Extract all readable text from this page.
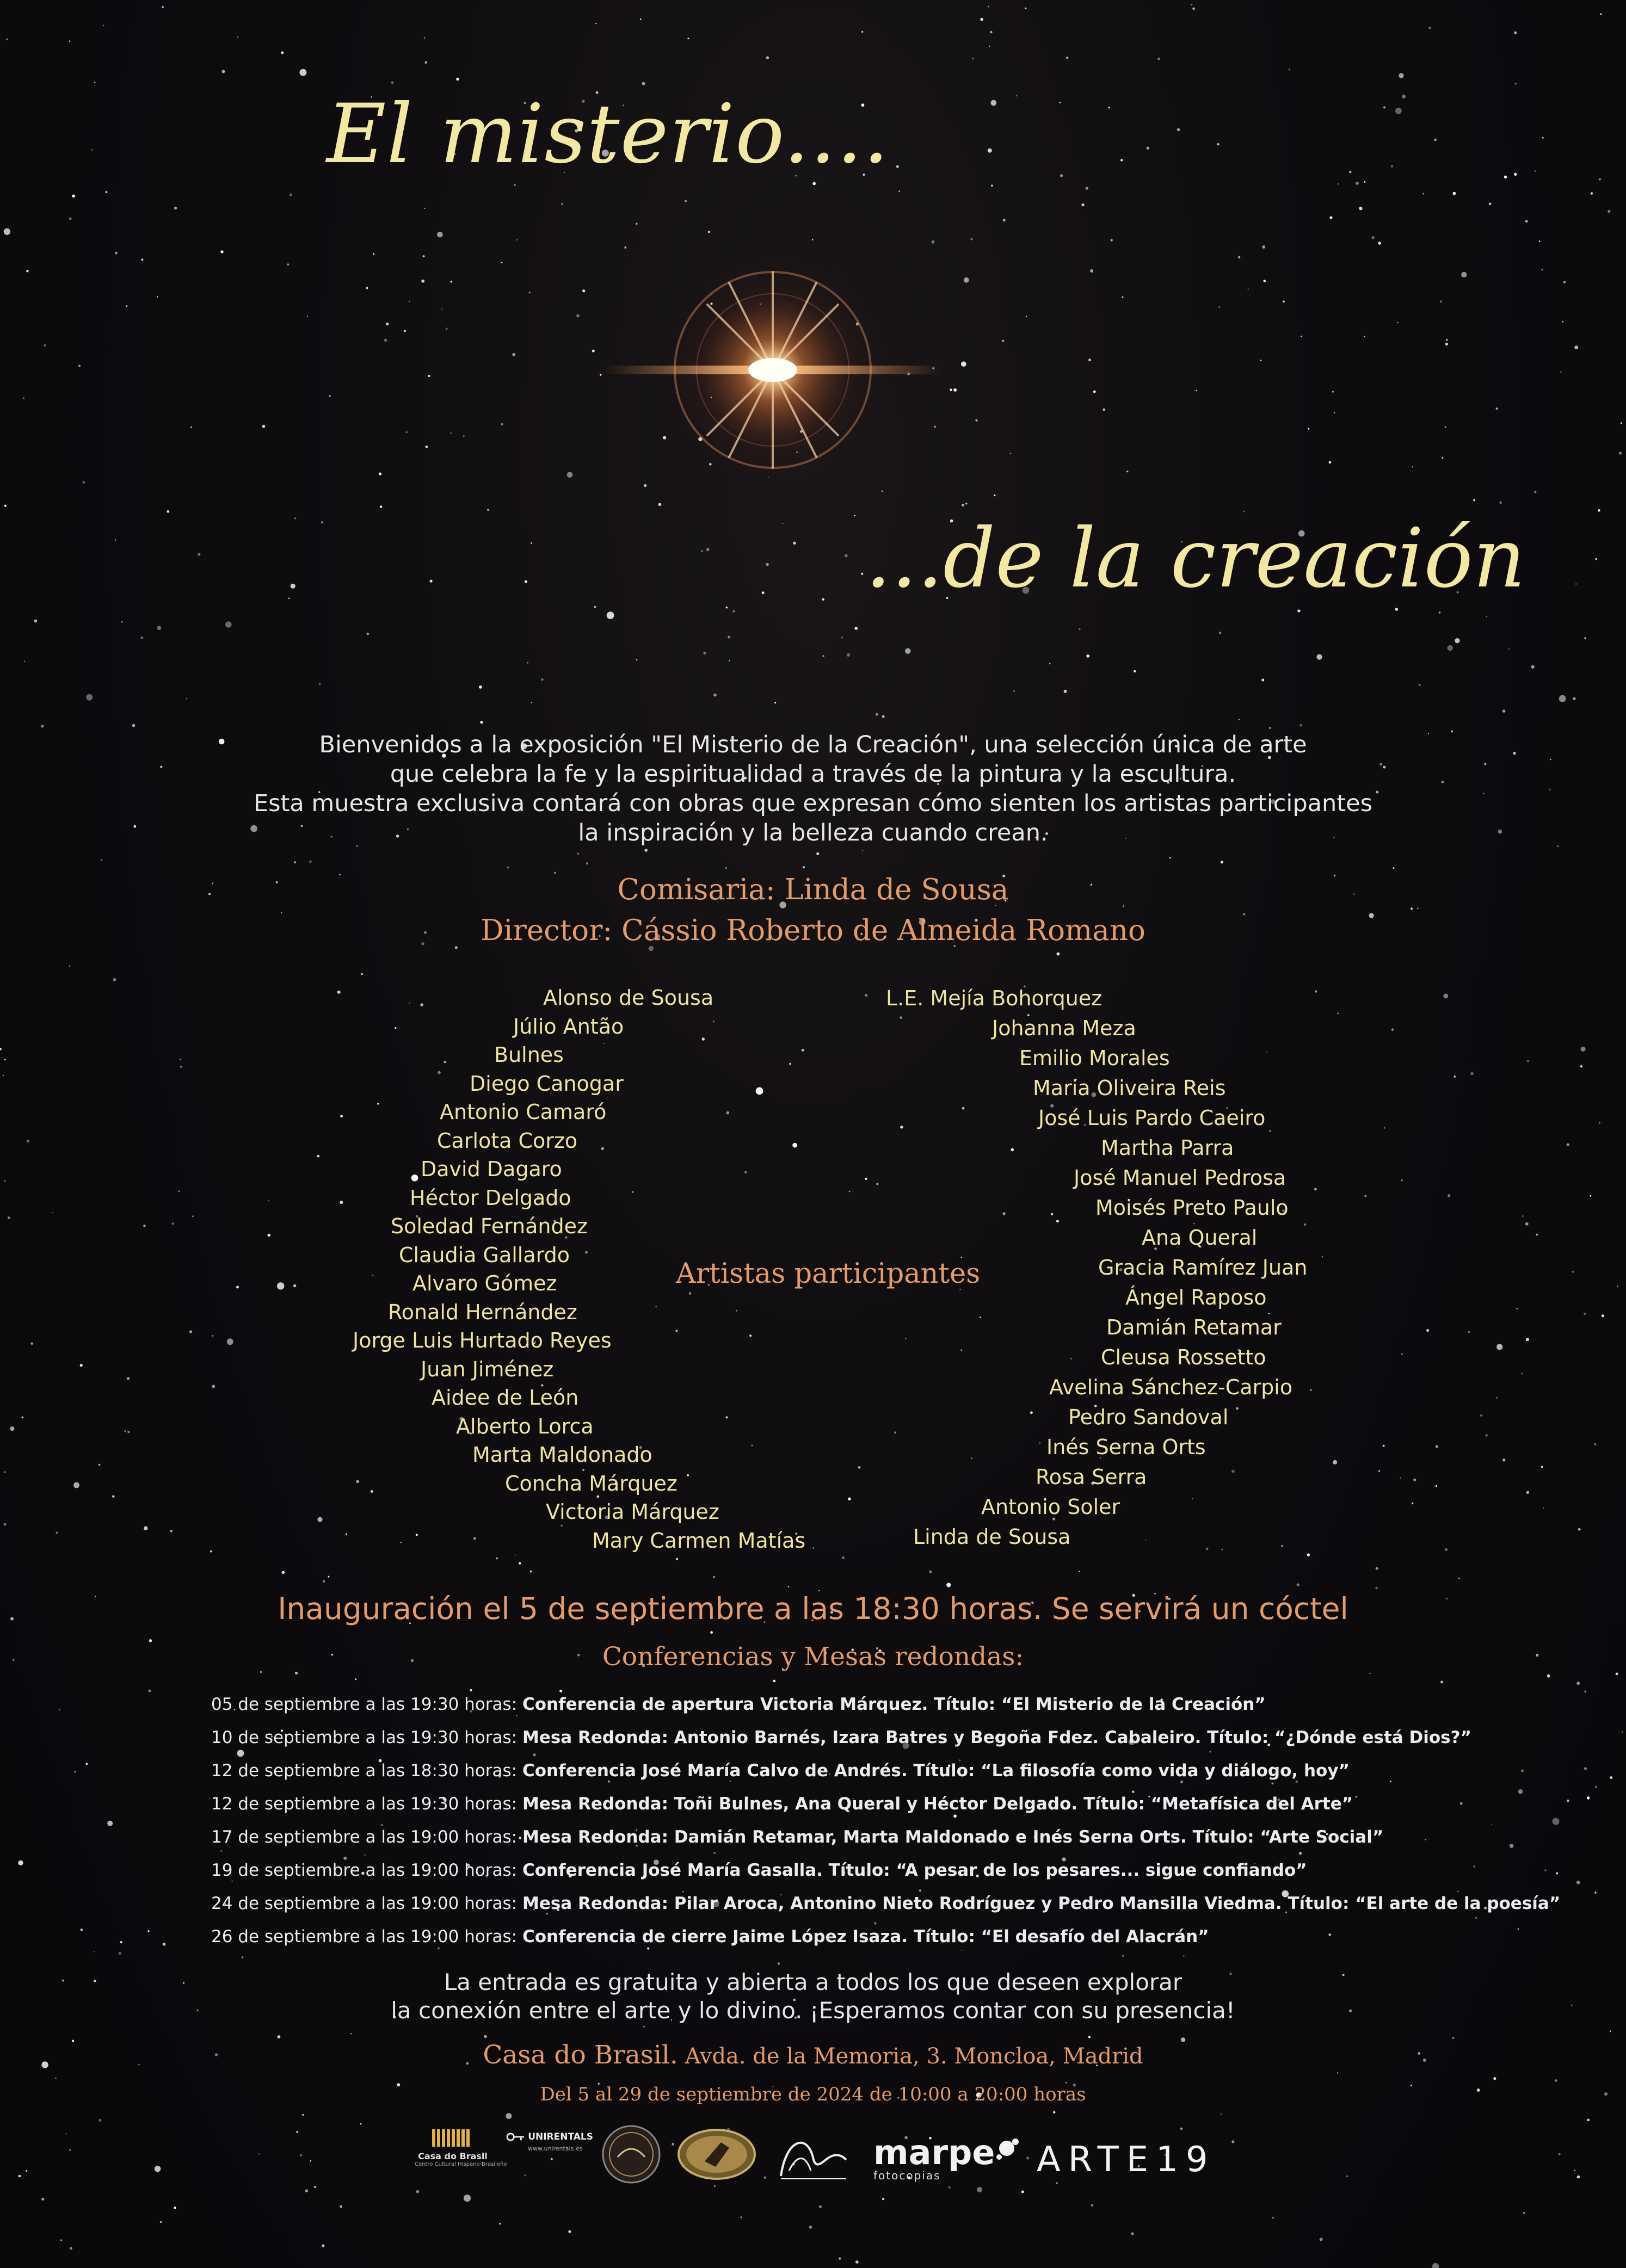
El misterio....
...de la creación
Bienvenidos a la exposición "El Misterio de la Creación", una selección única de arte
que celebra la fe y la espiritualidad a través de la pintura y la escultura.
Esta muestra exclusiva contará con obras que expresan cómo sienten los artistas participantes
la inspiración y la belleza cuando crean.
Comisaria: Linda de Sousa
Director: Cássio Roberto de Almeida Romano
Alonso de Sousa
Júlio Antão
Bulnes
Diego Canogar
Antonio Camaró
Carlota Corzo
David Dagaro
Héctor Delgado
Soledad Fernández
Claudia Gallardo
Alvaro Gómez
Ronald Hernández
Jorge Luis Hurtado Reyes
Juan Jiménez
Aidee de León
Alberto Lorca
Marta Maldonado
Concha Márquez
Victoria Márquez
Mary Carmen Matías
Artistas participantes
L.E. Mejía Bohorquez
Johanna Meza
Emilio Morales
Maria Oliveira Reis
José Luis Pardo Caeiro
Martha Parra
José Manuel Pedrosa
Moisés Preto Paulo
Ana Queral
Gracia Ramírez Juan
Ángel Raposo
Damián Retamar
Cleusa Rossetto
Avelina Sánchez-Carpio
Pedro Sandoval
Inés Serna Orts
Rosa Serra
Antonio Soler
Linda de Sousa
Inauguración el 5 de septiembre a las 18:30 horas. Se servirá un cóctel
Conferencias y Mesas redondas:
05 de septiembre a las 19:30 horas: Conferencia de apertura Victoria Márquez. Título: “El Misterio de la Creación”
10 de septiembre a las 19:30 horas: Mesa Redonda: Antonio Barnés, Izara Batres y Begoña Fdez. Cabaleiro. Título: “¿Dónde está Dios?”
12 de septiembre a las 18:30 horas: Conferencia José María Calvo de Andrés. Título: “La filosofía como vida y diálogo, hoy”
12 de septiembre a las 19:30 horas: Mesa Redonda: Toñi Bulnes, Ana Queral y Héctor Delgado. Título: “Metafísica del Arte”
17 de septiembre a las 19:00 horas: Mesa Redonda: Damián Retamar, Marta Maldonado e Inés Serna Orts. Título: “Arte Social”
19 de septiembre a las 19:00 horas: Conferencia José María Gasalla. Título: “A pesar de los pesares... sigue confiando”
24 de septiembre a las 19:00 horas: Mesa Redonda: Pilar Aroca, Antonino Nieto Rodríguez y Pedro Mansilla Viedma. Título: “El arte de la poesía”
26 de septiembre a las 19:00 horas: Conferencia de cierre Jaime López Isaza. Título: “El desafío del Alacrán”
La entrada es gratuita y abierta a todos los que deseen explorar
la conexión entre el arte y lo divino. ¡Esperamos contar con su presencia!
Casa do Brasil. Avda. de la Memoria, 3. Moncloa, Madrid
Del 5 al 29 de septiembre de 2024 de 10:00 a 20:00 horas
Casa do Brasil
Centro Cultural Hispano-Brasileño
UNIRENTALS
www.unirentals.es	marpe
fotocopias	ARTE19
